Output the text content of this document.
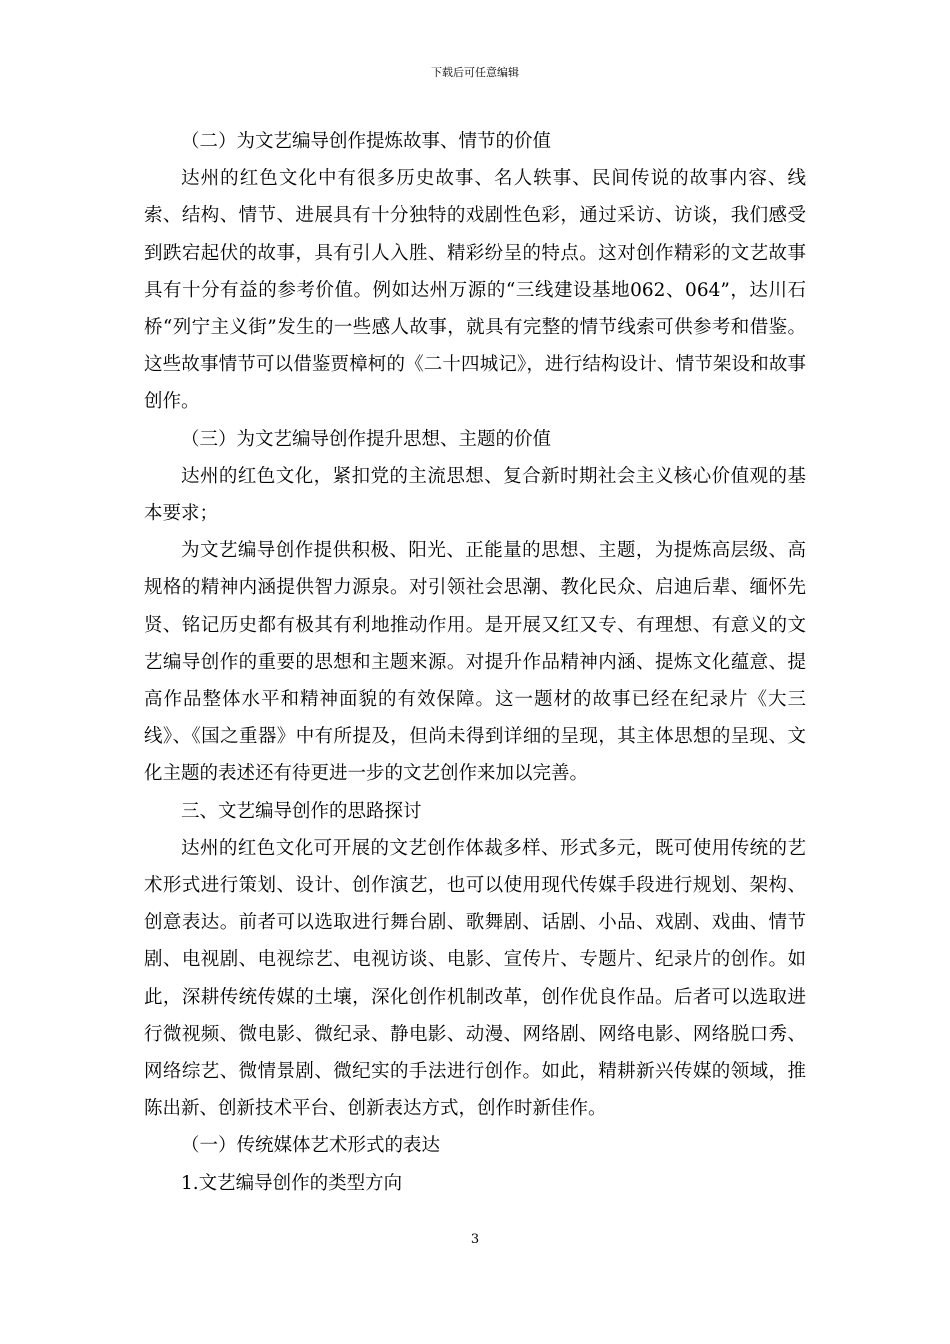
下载后可任意编辑

（二）为文艺编导创作提炼故事、情节的价值

达州的红色文化中有很多历史故事、名人轶事、民间传说的故事内容、线索、结构、情节、进展具有十分独特的戏剧性色彩，通过采访、访谈，我们感受到跌宕起伏的故事，具有引人入胜、精彩纷呈的特点。这对创作精彩的文艺故事具有十分有益的参考价值。例如达州万源的“三线建设基地062、064”，达川石桥“列宁主义街”发生的一些感人故事，就具有完整的情节线索可供参考和借鉴。这些故事情节可以借鉴贾樟柯的《二十四城记》，进行结构设计、情节架设和故事创作。

（三）为文艺编导创作提升思想、主题的价值

达州的红色文化，紧扣党的主流思想、复合新时期社会主义核心价值观的基本要求；

为文艺编导创作提供积极、阳光、正能量的思想、主题，为提炼高层级、高规格的精神内涵提供智力源泉。对引领社会思潮、教化民众、启迪后辈、缅怀先贤、铭记历史都有极其有利地推动作用。是开展又红又专、有理想、有意义的文艺编导创作的重要的思想和主题来源。对提升作品精神内涵、提炼文化蕴意、提高作品整体水平和精神面貌的有效保障。这一题材的故事已经在纪录片《大三线》、《国之重器》中有所提及，但尚未得到详细的呈现，其主体思想的呈现、文化主题的表述还有待更进一步的文艺创作来加以完善。

三、文艺编导创作的思路探讨

达州的红色文化可开展的文艺创作体裁多样、形式多元，既可使用传统的艺术形式进行策划、设计、创作演艺，也可以使用现代传媒手段进行规划、架构、创意表达。前者可以选取进行舞台剧、歌舞剧、话剧、小品、戏剧、戏曲、情节剧、电视剧、电视综艺、电视访谈、电影、宣传片、专题片、纪录片的创作。如此，深耕传统传媒的土壤，深化创作机制改革，创作优良作品。后者可以选取进行微视频、微电影、微纪录、静电影、动漫、网络剧、网络电影、网络脱口秀、网络综艺、微情景剧、微纪实的手法进行创作。如此，精耕新兴传媒的领域，推陈出新、创新技术平台、创新表达方式，创作时新佳作。

（一）传统媒体艺术形式的表达

1.文艺编导创作的类型方向

3
